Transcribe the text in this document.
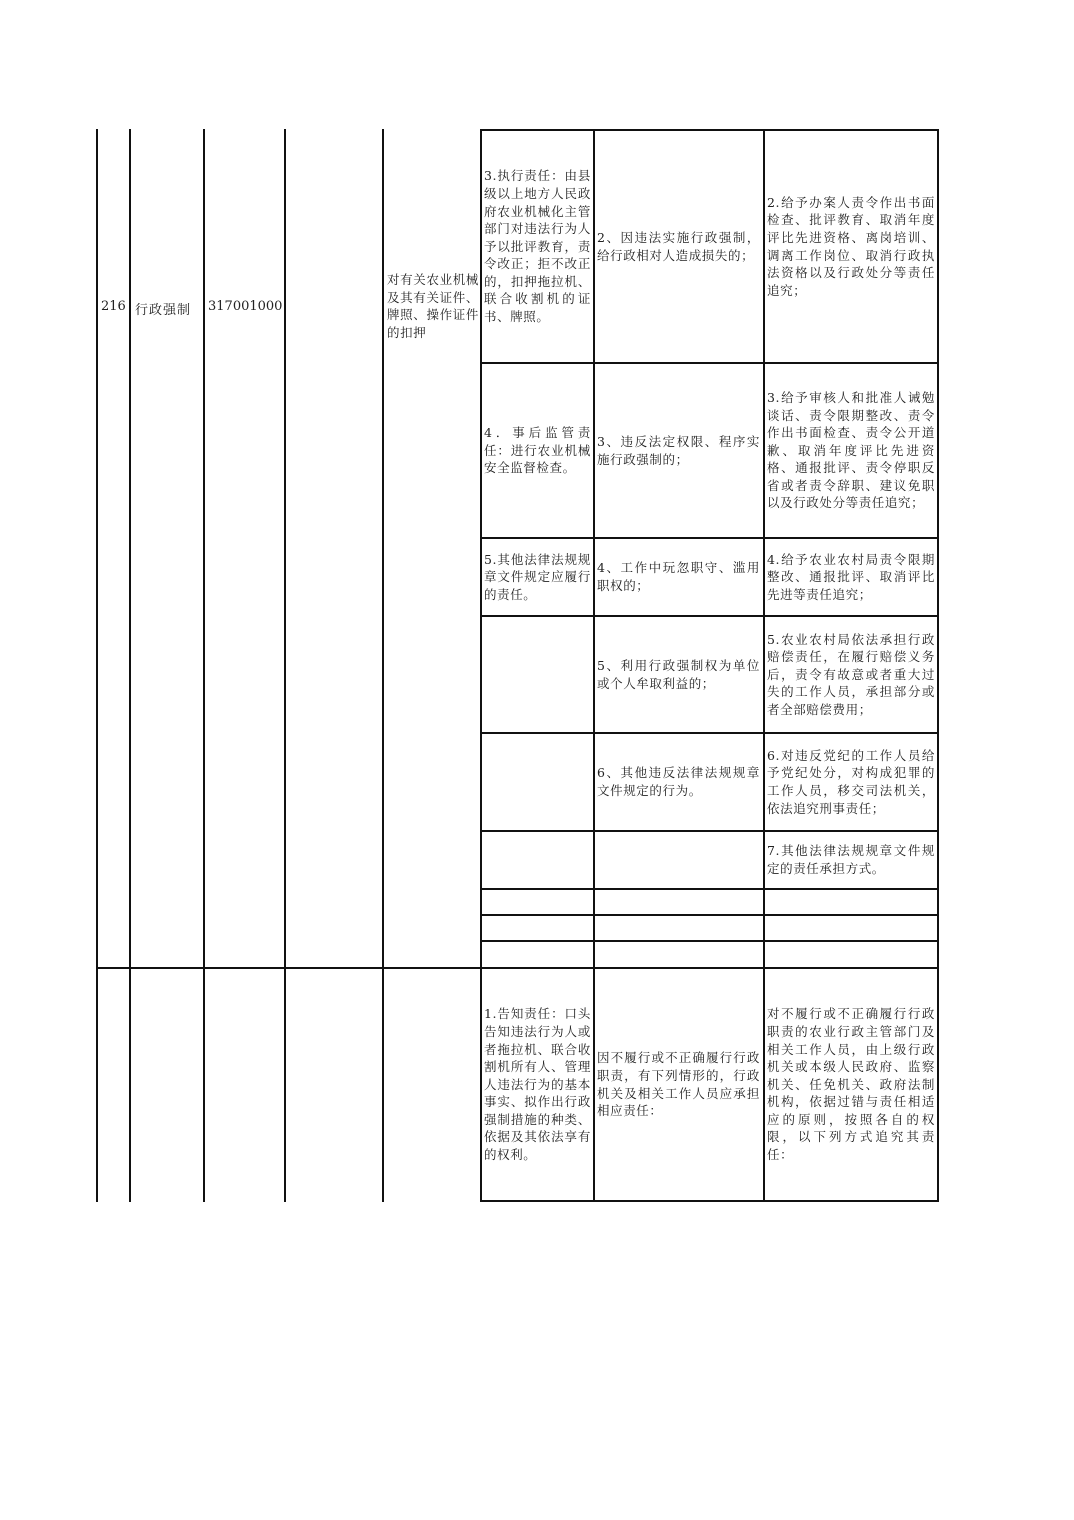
216 行政强制 317001000
对有关农业机械及其有关证件、牌照、操作证件的扣押
3.执行责任：由县级以上地方人民政府农业机械化主管部门对违法行为人予以批评教育，责令改正；拒不改正的，扣押拖拉机、联合收割机的证书、牌照。
2、因违法实施行政强制，给行政相对人造成损失的；
2.给予办案人责令作出书面检查、批评教育、取消年度评比先进资格、离岗培训、调离工作岗位、取消行政执法资格以及行政处分等责任追究；
4．事后监管责任：进行农业机械安全监督检查。
3、违反法定权限、程序实施行政强制的；
3.给予审核人和批准人诫勉谈话、责令限期整改、责令作出书面检查、责令公开道歉、取消年度评比先进资格、通报批评、责令停职反省或者责令辞职、建议免职以及行政处分等责任追究；
5.其他法律法规规章文件规定应履行的责任。
4、工作中玩忽职守、滥用职权的；
4.给予农业农村局责令限期整改、通报批评、取消评比先进等责任追究；
5、利用行政强制权为单位或个人牟取利益的；
5.农业农村局依法承担行政赔偿责任，在履行赔偿义务后，责令有故意或者重大过失的工作人员，承担部分或者全部赔偿费用；
6、其他违反法律法规规章文件规定的行为。
6.对违反党纪的工作人员给予党纪处分，对构成犯罪的工作人员，移交司法机关，依法追究刑事责任；
7.其他法律法规规章文件规定的责任承担方式。
1.告知责任：口头告知违法行为人或者拖拉机、联合收割机所有人、管理人违法行为的基本事实、拟作出行政强制措施的种类、依据及其依法享有的权利。
因不履行或不正确履行行政职责，有下列情形的，行政机关及相关工作人员应承担相应责任：
对不履行或不正确履行行政职责的农业行政主管部门及相关工作人员，由上级行政机关或本级人民政府、监察机关、任免机关、政府法制机构，依据过错与责任相适应的原则，按照各自的权限，以下列方式追究其责任：
